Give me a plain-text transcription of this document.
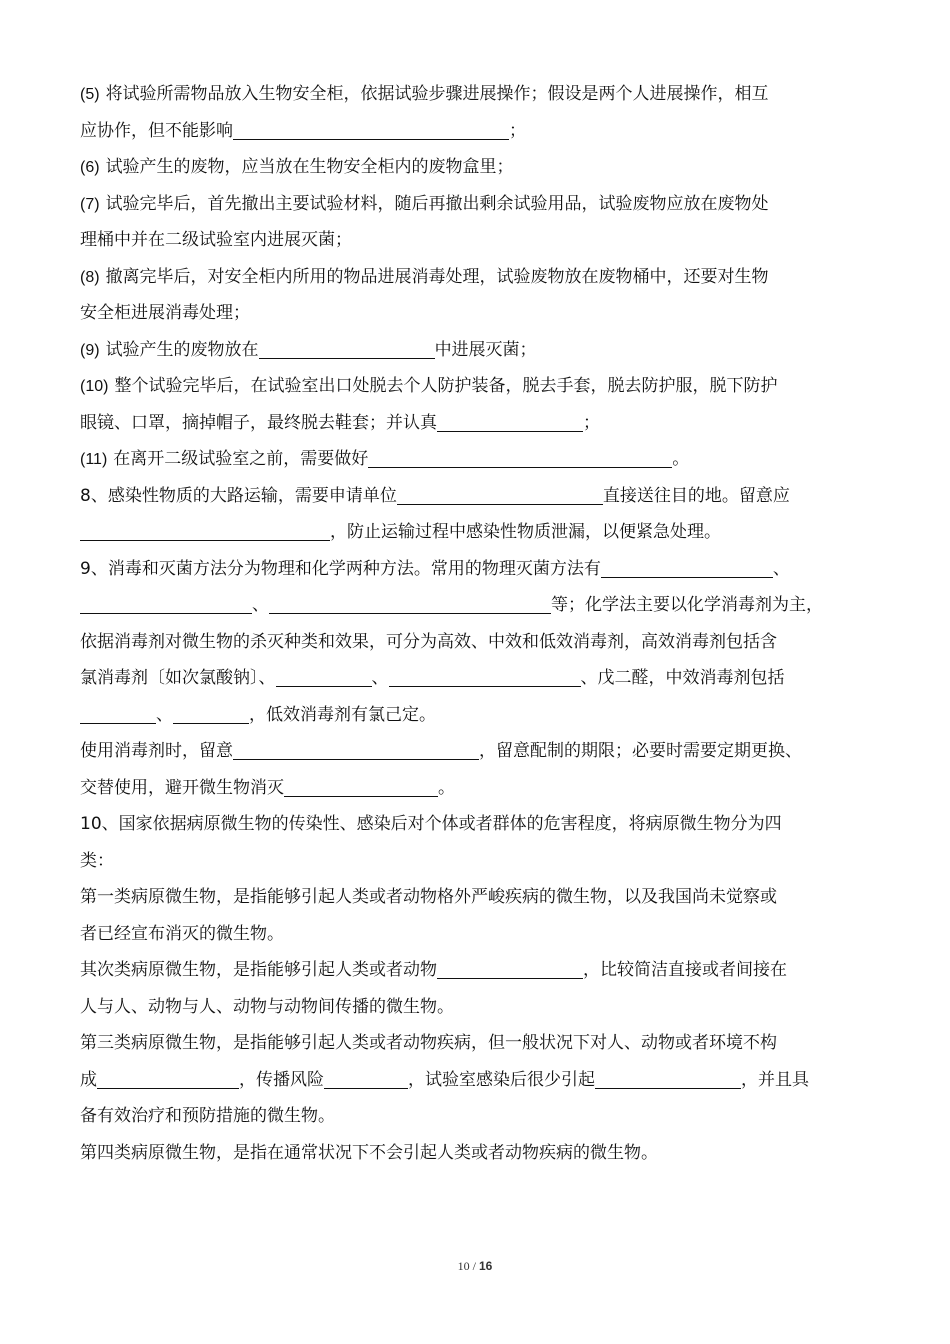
(5) 将试验所需物品放入生物安全柜，依据试验步骤进展操作；假设是两个人进展操作，相互
应协作，但不能影响	；
(6) 试验产生的废物，应当放在生物安全柜内的废物盒里；
(7) 试验完毕后，首先撤出主要试验材料，随后再撤出剩余试验用品，试验废物应放在废物处
理桶中并在二级试验室内进展灭菌；
(8) 撤离完毕后，对安全柜内所用的物品进展消毒处理，试验废物放在废物桶中，还要对生物
安全柜进展消毒处理；
(9) 试验产生的废物放在	中进展灭菌；
(10) 整个试验完毕后，在试验室出口处脱去个人防护装备，脱去手套，脱去防护服，脱下防护
眼镜、口罩，摘掉帽子，最终脱去鞋套；并认真	；
(11) 在离开二级试验室之前，需要做好	。
8、感染性物质的大路运输，需要申请单位	直接送往目的地。留意应
，防止运输过程中感染性物质泄漏，以便紧急处理。
9、消毒和灭菌方法分为物理和化学两种方法。常用的物理灭菌方法有	、
、	等；化学法主要以化学消毒剂为主，
依据消毒剂对微生物的杀灭种类和效果，可分为高效、中效和低效消毒剂，高效消毒剂包括含
氯消毒剂〔如次氯酸钠〕、	、	、戊二醛，中效消毒剂包括
、	，低效消毒剂有氯己定。
使用消毒剂时，留意	，留意配制的期限；必要时需要定期更换、
交替使用，避开微生物消灭	。
10、国家依据病原微生物的传染性、感染后对个体或者群体的危害程度，将病原微生物分为四
类：
第一类病原微生物，是指能够引起人类或者动物格外严峻疾病的微生物，以及我国尚未觉察或
者已经宣布消灭的微生物。
其次类病原微生物，是指能够引起人类或者动物	，比较简洁直接或者间接在
人与人、动物与人、动物与动物间传播的微生物。
第三类病原微生物，是指能够引起人类或者动物疾病，但一般状况下对人、动物或者环境不构
成	，传播风险	，试验室感染后很少引起	，并且具
备有效治疗和预防措施的微生物。
第四类病原微生物，是指在通常状况下不会引起人类或者动物疾病的微生物。
10 / 16
